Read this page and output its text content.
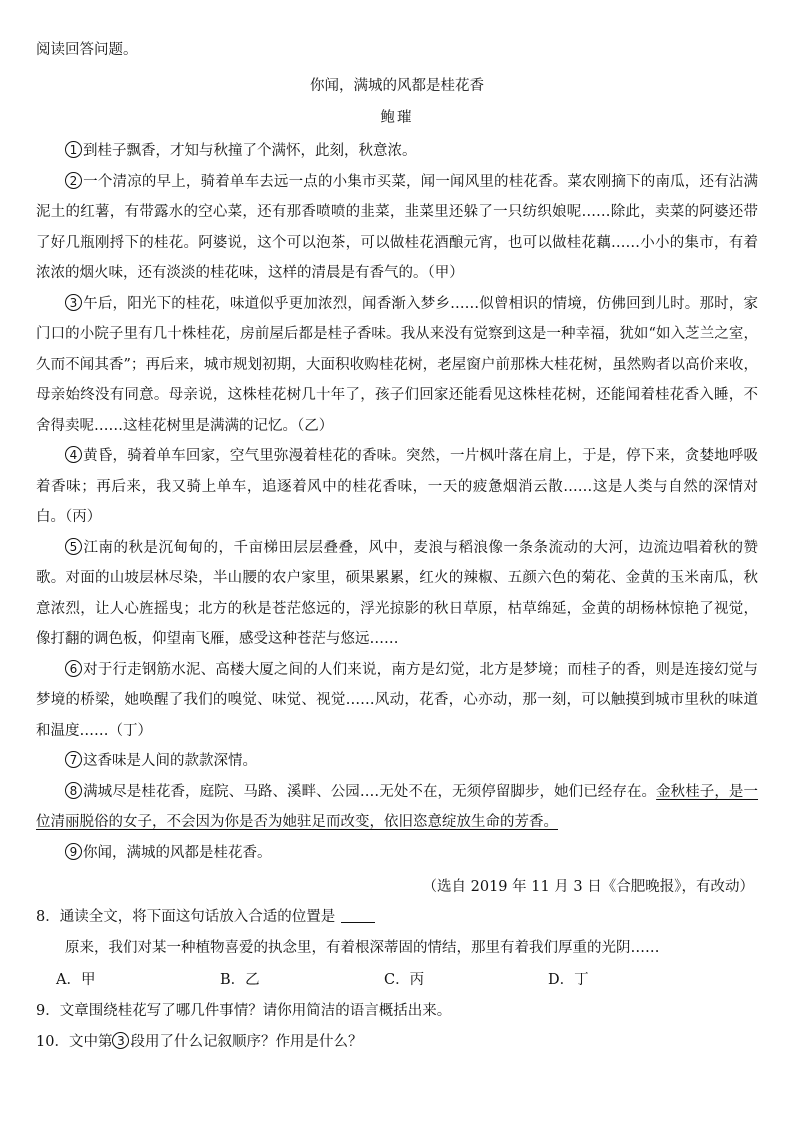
阅读回答问题。
你闻，满城的风都是桂花香
鲍璀

1 到桂子飘香，才知与秋撞了个满怀，此刻，秋意浓。

2 一个清凉的早上，骑着单车去远一点的小集市买菜，闻一闻风里的桂花香。菜农刚摘下的南瓜，还有沾满泥土的红薯，有带露水的空心菜，还有那香喷喷的韭菜，韭菜里还躲了一只纺织娘呢……除此，卖菜的阿婆还带了好几瓶刚捋下的桂花。阿婆说，这个可以泡茶，可以做桂花酒酿元宵，也可以做桂花藕……小小的集市，有着浓浓的烟火味，还有淡淡的桂花味，这样的清晨是有香气的。（甲）

3 午后，阳光下的桂花，味道似乎更加浓烈，闻香渐入梦乡……似曾相识的情境，仿佛回到儿时。那时，家门口的小院子里有几十株桂花，房前屋后都是桂子香味。我从来没有觉察到这是一种幸福，犹如“如入芝兰之室，久而不闻其香”；再后来，城市规划初期，大面积收购桂花树，老屋窗户前那株大桂花树，虽然购者以高价来收，母亲始终没有同意。母亲说，这株桂花树几十年了，孩子们回家还能看见这株桂花树，还能闻着桂花香入睡，不舍得卖呢……这桂花树里是满满的记忆。（乙）

4 黄昏，骑着单车回家，空气里弥漫着桂花的香味。突然，一片枫叶落在肩上，于是，停下来，贪婪地呼吸着香味；再后来，我又骑上单车，追逐着风中的桂花香味，一天的疲惫烟消云散……这是人类与自然的深情对白。（丙）

5 江南的秋是沉甸甸的，千亩梯田层层叠叠，风中，麦浪与稻浪像一条条流动的大河，边流边唱着秋的赞歌。对面的山坡层林尽染，半山腰的农户家里，硕果累累，红火的辣椒、五颜六色的菊花、金黄的玉米南瓜，秋意浓烈，让人心旌摇曳；北方的秋是苍茫悠远的，浮光掠影的秋日草原，枯草绵延，金黄的胡杨林惊艳了视觉，像打翻的调色板，仰望南飞雁，感受这种苍茫与悠远……

6 对于行走钢筋水泥、高楼大厦之间的人们来说，南方是幻觉，北方是梦境；而桂子的香，则是连接幻觉与梦境的桥梁，她唤醒了我们的嗅觉、味觉、视觉……风动，花香，心亦动，那一刻，可以触摸到城市里秋的味道和温度……（丁）

7 这香味是人间的款款深情。

8 满城尽是桂花香，庭院、马路、溪畔、公园‥‥无处不在，无须停留脚步，她们已经存在。金秋桂子，是一位清丽脱俗的女子，不会因为你是否为她驻足而改变，依旧恣意绽放生命的芳香。

9 你闻，满城的风都是桂花香。

（选自 2019 年 11 月 3 日《合肥晚报》，有改动）
8．通读全文，将下面这句话放入合适的位置是
原来，我们对某一种植物喜爱的执念里，有着根深蒂固的情结，那里有着我们厚重的光阴……
A．甲	B．乙	C．丙	D．丁
9．文章围绕桂花写了哪几件事情？请你用简洁的语言概括出来。
10．文中第 3 段用了什么记叙顺序？作用是什么？
